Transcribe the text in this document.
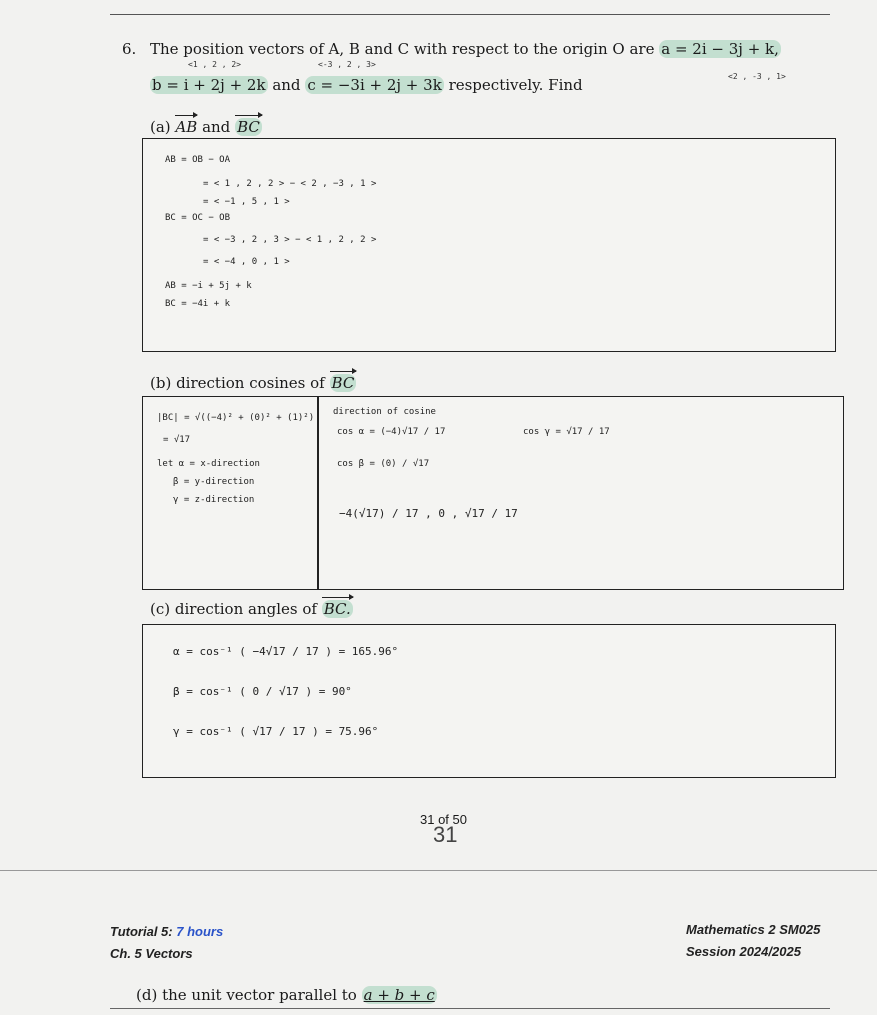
6. The position vectors of A, B and C with respect to the origin O are a = 2i − 3j + k,
<1 , 2 , 2>	<-3 , 2 , 3>
<2 , -3 , 1>
b = i + 2j + 2k and c = −3i + 2j + 3k respectively. Find
(a) AB and BC
AB = OB − OA
= < 1 , 2 , 2 > − < 2 , −3 , 1 >
= < −1 , 5 , 1 >
BC = OC − OB
= < −3 , 2 , 3 > − < 1 , 2 , 2 >
= < −4 , 0 , 1 >
AB = −i + 5j + k
BC = −4i + k
(b) direction cosines of BC
|BC| = √((−4)² + (0)² + (1)²)
= √17
let α = x-direction
β = y-direction
γ = z-direction
direction of cosine
cos α = (−4)√17 / 17	cos γ = √17 / 17
cos β = (0) / √17
−4(√17) / 17 , 0 , √17 / 17
(c) direction angles of BC.
α = cos⁻¹ ( −4√17 / 17 ) = 165.96°
β = cos⁻¹ ( 0 / √17 ) = 90°
γ = cos⁻¹ ( √17 / 17 ) = 75.96°
31 of 50
31
Tutorial 5: 7 hours
Ch. 5 Vectors
Mathematics 2 SM025
Session 2024/2025
(d) the unit vector parallel to a + b + c
